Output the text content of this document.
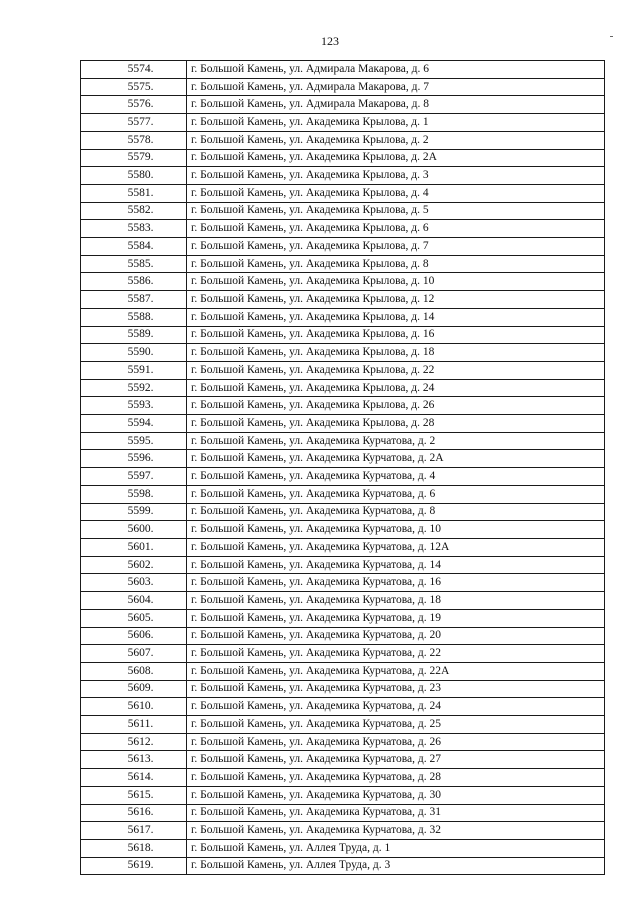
123
5574.	г. Большой Камень, ул. Адмирала Макарова, д. 6
5575.	г. Большой Камень, ул. Адмирала Макарова, д. 7
5576.	г. Большой Камень, ул. Адмирала Макарова, д. 8
5577.	г. Большой Камень, ул. Академика Крылова, д. 1
5578.	г. Большой Камень, ул. Академика Крылова, д. 2
5579.	г. Большой Камень, ул. Академика Крылова, д. 2А
5580.	г. Большой Камень, ул. Академика Крылова, д. 3
5581.	г. Большой Камень, ул. Академика Крылова, д. 4
5582.	г. Большой Камень, ул. Академика Крылова, д. 5
5583.	г. Большой Камень, ул. Академика Крылова, д. 6
5584.	г. Большой Камень, ул. Академика Крылова, д. 7
5585.	г. Большой Камень, ул. Академика Крылова, д. 8
5586.	г. Большой Камень, ул. Академика Крылова, д. 10
5587.	г. Большой Камень, ул. Академика Крылова, д. 12
5588.	г. Большой Камень, ул. Академика Крылова, д. 14
5589.	г. Большой Камень, ул. Академика Крылова, д. 16
5590.	г. Большой Камень, ул. Академика Крылова, д. 18
5591.	г. Большой Камень, ул. Академика Крылова, д. 22
5592.	г. Большой Камень, ул. Академика Крылова, д. 24
5593.	г. Большой Камень, ул. Академика Крылова, д. 26
5594.	г. Большой Камень, ул. Академика Крылова, д. 28
5595.	г. Большой Камень, ул. Академика Курчатова, д. 2
5596.	г. Большой Камень, ул. Академика Курчатова, д. 2А
5597.	г. Большой Камень, ул. Академика Курчатова, д. 4
5598.	г. Большой Камень, ул. Академика Курчатова, д. 6
5599.	г. Большой Камень, ул. Академика Курчатова, д. 8
5600.	г. Большой Камень, ул. Академика Курчатова, д. 10
5601.	г. Большой Камень, ул. Академика Курчатова, д. 12А
5602.	г. Большой Камень, ул. Академика Курчатова, д. 14
5603.	г. Большой Камень, ул. Академика Курчатова, д. 16
5604.	г. Большой Камень, ул. Академика Курчатова, д. 18
5605.	г. Большой Камень, ул. Академика Курчатова, д. 19
5606.	г. Большой Камень, ул. Академика Курчатова, д. 20
5607.	г. Большой Камень, ул. Академика Курчатова, д. 22
5608.	г. Большой Камень, ул. Академика Курчатова, д. 22А
5609.	г. Большой Камень, ул. Академика Курчатова, д. 23
5610.	г. Большой Камень, ул. Академика Курчатова, д. 24
5611.	г. Большой Камень, ул. Академика Курчатова, д. 25
5612.	г. Большой Камень, ул. Академика Курчатова, д. 26
5613.	г. Большой Камень, ул. Академика Курчатова, д. 27
5614.	г. Большой Камень, ул. Академика Курчатова, д. 28
5615.	г. Большой Камень, ул. Академика Курчатова, д. 30
5616.	г. Большой Камень, ул. Академика Курчатова, д. 31
5617.	г. Большой Камень, ул. Академика Курчатова, д. 32
5618.	г. Большой Камень, ул. Аллея Труда, д. 1
5619.	г. Большой Камень, ул. Аллея Труда, д. 3
